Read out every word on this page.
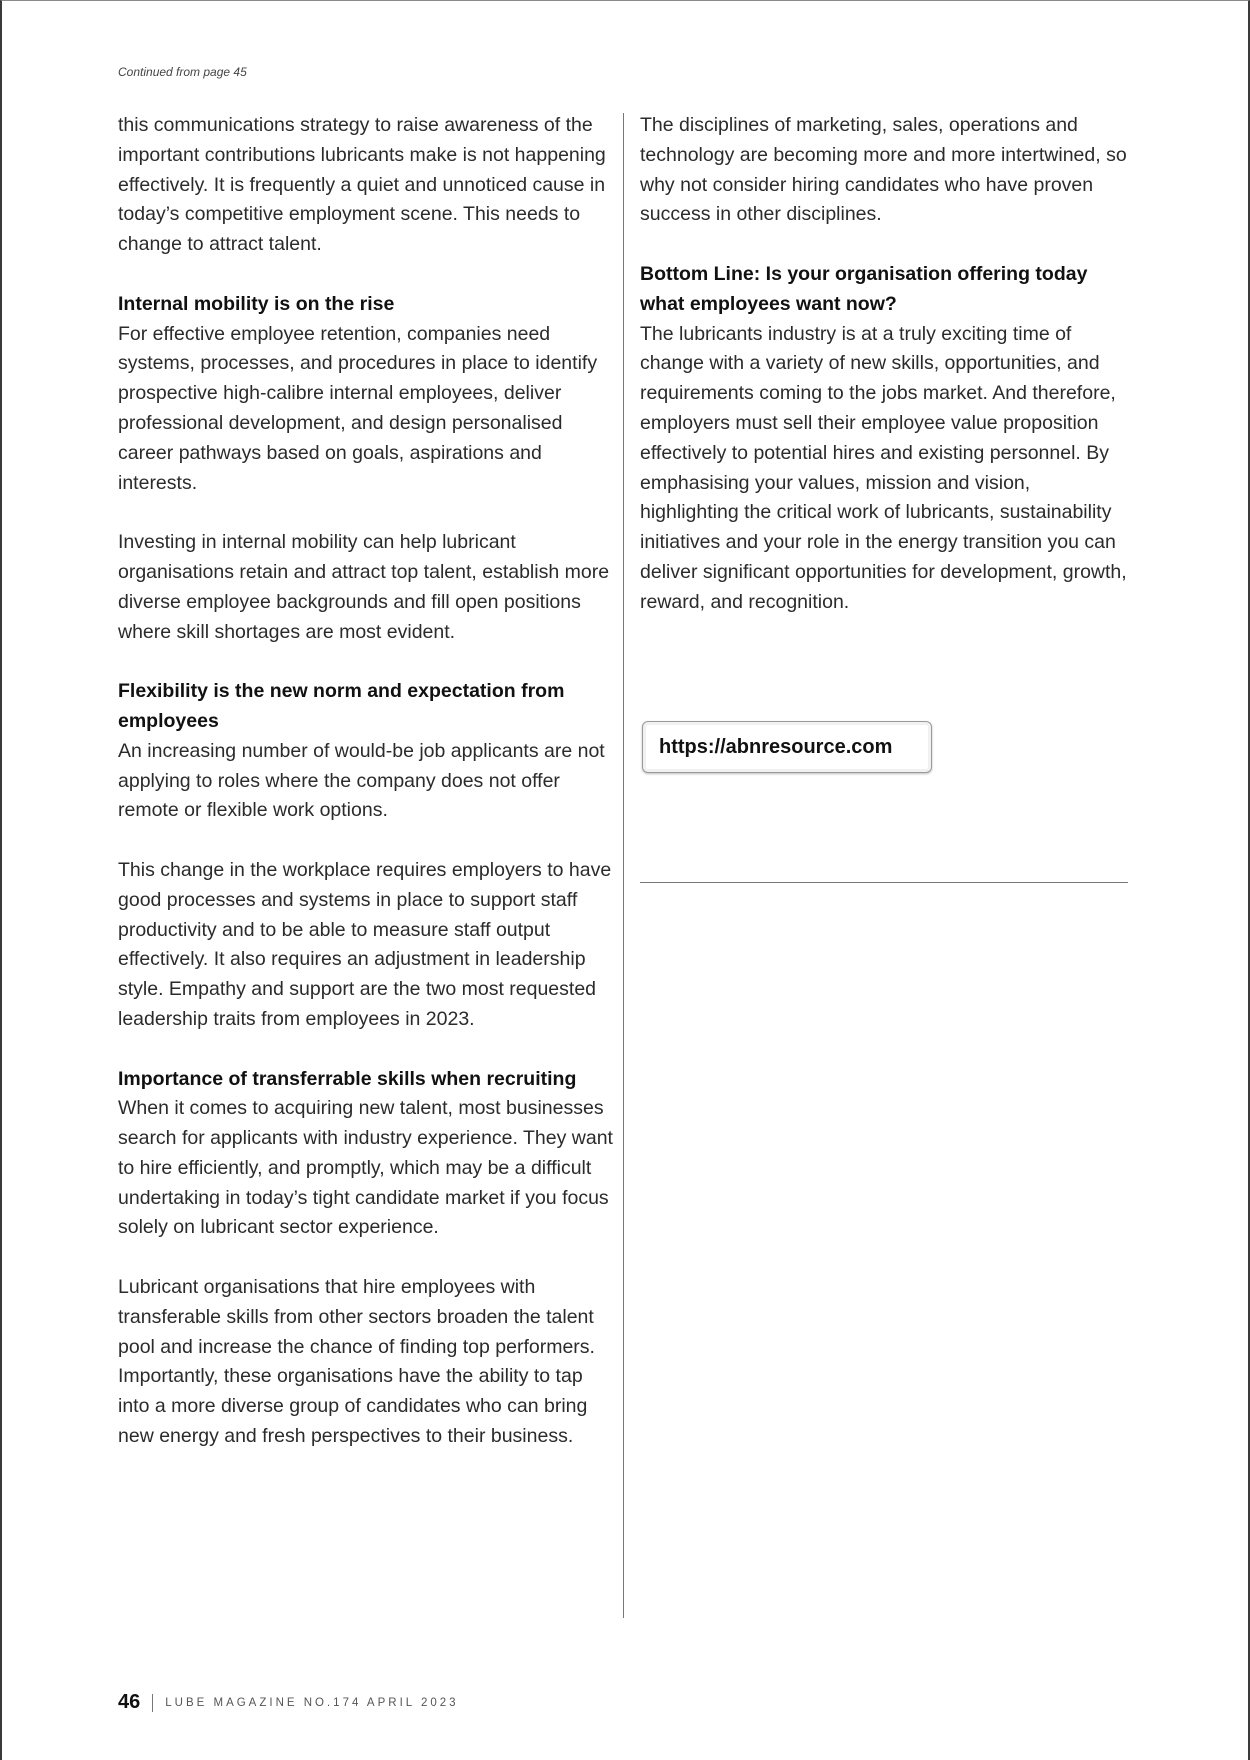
Continued from page 45

this communications strategy to raise awareness of the important contributions lubricants make is not happening effectively. It is frequently a quiet and unnoticed cause in today’s competitive employment scene. This needs to change to attract talent.

Internal mobility is on the rise

For effective employee retention, companies need systems, processes, and procedures in place to identify prospective high-calibre internal employees, deliver professional development, and design personalised career pathways based on goals, aspirations and interests.

Investing in internal mobility can help lubricant organisations retain and attract top talent, establish more diverse employee backgrounds and fill open positions where skill shortages are most evident.

Flexibility is the new norm and expectation from employees

An increasing number of would-be job applicants are not applying to roles where the company does not offer remote or flexible work options.

This change in the workplace requires employers to have good processes and systems in place to support staff productivity and to be able to measure staff output effectively. It also requires an adjustment in leadership style. Empathy and support are the two most requested leadership traits from employees in 2023.

Importance of transferrable skills when recruiting

When it comes to acquiring new talent, most businesses search for applicants with industry experience. They want to hire efficiently, and promptly, which may be a difficult undertaking in today’s tight candidate market if you focus solely on lubricant sector experience.

Lubricant organisations that hire employees with transferable skills from other sectors broaden the talent pool and increase the chance of finding top performers. Importantly, these organisations have the ability to tap into a more diverse group of candidates who can bring new energy and fresh perspectives to their business.

The disciplines of marketing, sales, operations and technology are becoming more and more intertwined, so why not consider hiring candidates who have proven success in other disciplines.

Bottom Line: Is your organisation offering today what employees want now?

The lubricants industry is at a truly exciting time of change with a variety of new skills, opportunities, and requirements coming to the jobs market. And therefore, employers must sell their employee value proposition effectively to potential hires and existing personnel. By emphasising your values, mission and vision, highlighting the critical work of lubricants, sustainability initiatives and your role in the energy transition you can deliver significant opportunities for development, growth, reward, and recognition.

https://abnresource.com
46 LUBE MAGAZINE NO.174 APRIL 2023
